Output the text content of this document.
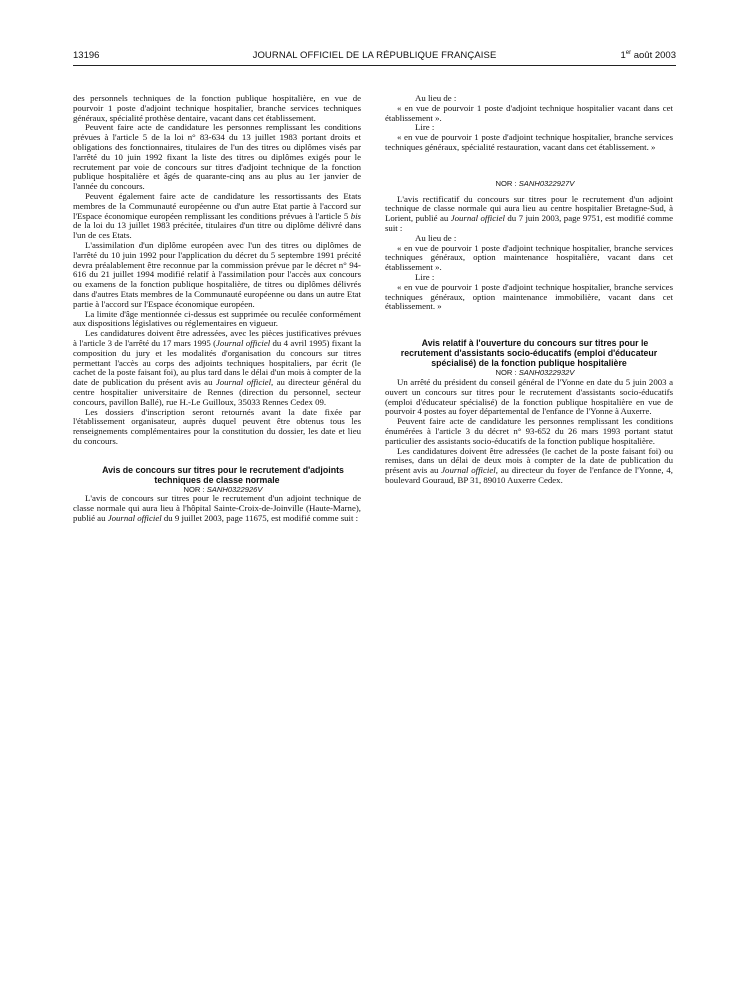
13196	JOURNAL OFFICIEL DE LA RÉPUBLIQUE FRANÇAISE	1er août 2003

des personnels techniques de la fonction publique hospitalière, en vue de pourvoir 1 poste d'adjoint technique hospitalier, branche services techniques généraux, spécialité prothèse dentaire, vacant dans cet établissement.

Peuvent faire acte de candidature les personnes remplissant les conditions prévues à l'article 5 de la loi n° 83-634 du 13 juillet 1983 portant droits et obligations des fonctionnaires, titulaires de l'un des titres ou diplômes visés par l'arrêté du 10 juin 1992 fixant la liste des titres ou diplômes exigés pour le recrutement par voie de concours sur titres d'adjoint technique de la fonction publique hospitalière et âgés de quarante-cinq ans au plus au 1er janvier de l'année du concours.

Peuvent également faire acte de candidature les ressortissants des Etats membres de la Communauté européenne ou d'un autre Etat partie à l'accord sur l'Espace économique européen remplissant les conditions prévues à l'article 5 bis de la loi du 13 juillet 1983 précitée, titulaires d'un titre ou diplôme délivré dans l'un de ces Etats.

L'assimilation d'un diplôme européen avec l'un des titres ou diplômes de l'arrêté du 10 juin 1992 pour l'application du décret du 5 septembre 1991 précité devra préalablement être reconnue par la commission prévue par le décret n° 94-616 du 21 juillet 1994 modifié relatif à l'assimilation pour l'accès aux concours ou examens de la fonction publique hospitalière, de titres ou diplômes délivrés dans d'autres Etats membres de la Communauté européenne ou dans un autre Etat partie à l'accord sur l'Espace économique européen.

La limite d'âge mentionnée ci-dessus est supprimée ou reculée conformément aux dispositions législatives ou réglementaires en vigueur.

Les candidatures doivent être adressées, avec les pièces justificatives prévues à l'article 3 de l'arrêté du 17 mars 1995 (Journal officiel du 4 avril 1995) fixant la composition du jury et les modalités d'organisation du concours sur titres permettant l'accès au corps des adjoints techniques hospitaliers, par écrit (le cachet de la poste faisant foi), au plus tard dans le délai d'un mois à compter de la date de publication du présent avis au Journal officiel, au directeur général du centre hospitalier universitaire de Rennes (direction du personnel, secteur concours, pavillon Ballé), rue H.-Le Guilloux, 35033 Rennes Cedex 09.

Les dossiers d'inscription seront retournés avant la date fixée par l'établissement organisateur, auprès duquel peuvent être obtenus tous les renseignements complémentaires pour la constitution du dossier, les date et lieu du concours.

Avis de concours sur titres pour le recrutement d'adjoints techniques de classe normale

NOR : SANH0322926V

L'avis de concours sur titres pour le recrutement d'un adjoint technique de classe normale qui aura lieu à l'hôpital Sainte-Croix-de-Joinville (Haute-Marne), publié au Journal officiel du 9 juillet 2003, page 11675, est modifié comme suit :

Au lieu de :

« en vue de pourvoir 1 poste d'adjoint technique hospitalier vacant dans cet établissement ».

Lire :

« en vue de pourvoir 1 poste d'adjoint technique hospitalier, branche services techniques généraux, spécialité restauration, vacant dans cet établissement. »

NOR : SANH0322927V

L'avis rectificatif du concours sur titres pour le recrutement d'un adjoint technique de classe normale qui aura lieu au centre hospitalier Bretagne-Sud, à Lorient, publié au Journal officiel du 7 juin 2003, page 9751, est modifié comme suit :

Au lieu de :

« en vue de pourvoir 1 poste d'adjoint technique hospitalier, branche services techniques généraux, option maintenance hospitalière, vacant dans cet établissement ».

Lire :

« en vue de pourvoir 1 poste d'adjoint technique hospitalier, branche services techniques généraux, option maintenance immobilière, vacant dans cet établissement. »

Avis relatif à l'ouverture du concours sur titres pour le recrutement d'assistants socio-éducatifs (emploi d'éducateur spécialisé) de la fonction publique hospitalière

NOR : SANH0322932V

Un arrêté du président du conseil général de l'Yonne en date du 5 juin 2003 a ouvert un concours sur titres pour le recrutement d'assistants socio-éducatifs (emploi d'éducateur spécialisé) de la fonction publique hospitalière en vue de pourvoir 4 postes au foyer départemental de l'enfance de l'Yonne à Auxerre.

Peuvent faire acte de candidature les personnes remplissant les conditions énumérées à l'article 3 du décret n° 93-652 du 26 mars 1993 portant statut particulier des assistants socio-éducatifs de la fonction publique hospitalière.

Les candidatures doivent être adressées (le cachet de la poste faisant foi) ou remises, dans un délai de deux mois à compter de la date de publication du présent avis au Journal officiel, au directeur du foyer de l'enfance de l'Yonne, 4, boulevard Gouraud, BP 31, 89010 Auxerre Cedex.
